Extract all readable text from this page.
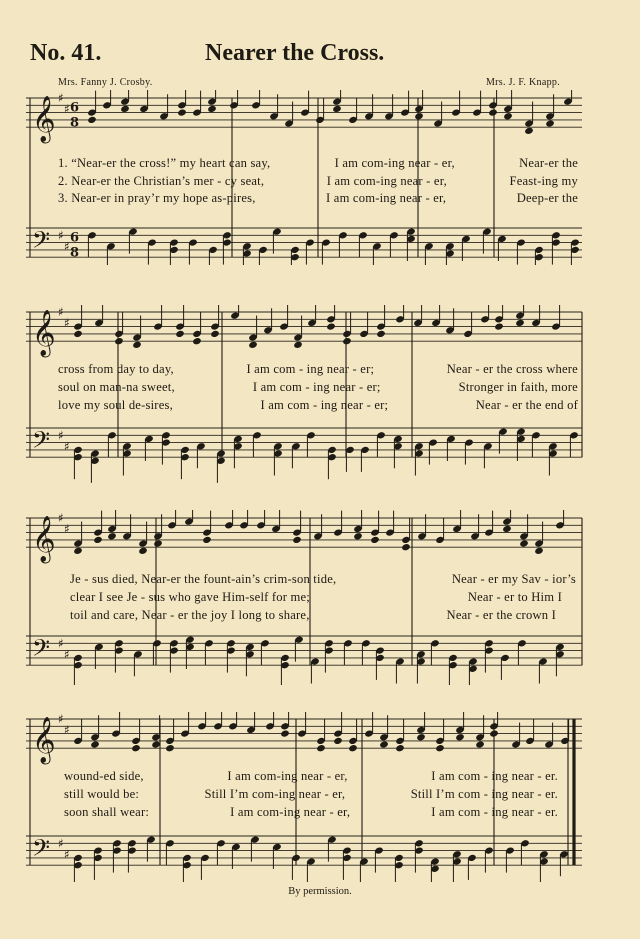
No. 41.	Nearer the Cross.
Mrs. Fanny J. Crosby.	Mrs. J. F. Knapp.
𝄞 ♯
♯ 6
8
𝄢 ♯
♯
6
8
1. “Near-er the cross!” my heart can say,	I am com-ing near - er,	Near-er the
2. Near-er the Christian’s mer - cy seat,	I am com-ing near - er,	Feast-ing my
3. Near-er in pray’r my hope as-pires,	I am com-ing near - er,	Deep-er the
𝄞 ♯
♯
𝄢 ♯
♯
cross from day to day,	I am com - ing near - er;	Near - er the cross where
soul on man-na sweet,	I am com - ing near - er;	Stronger in faith, more
love my soul de-sires,	I am com - ing near - er;	Near - er the end of
𝄞 ♯
♯
𝄢 ♯
♯
Je - sus died, Near-er the fount-ain’s crim-son tide,	Near - er my Sav - ior’s
clear I see Je - sus who gave Him-self for me;	Near - er to Him I
toil and care, Near - er the joy I long to share,	Near - er the crown I
𝄞 ♯
♯
𝄢 ♯
♯
wound-ed side,	I am com-ing near - er,	I am com - ing near - er.
still would be:	Still I’m com-ing near - er,	Still I’m com - ing near - er.
soon shall wear:	I am com-ing near - er,	I am com - ing near - er.
By permission.
